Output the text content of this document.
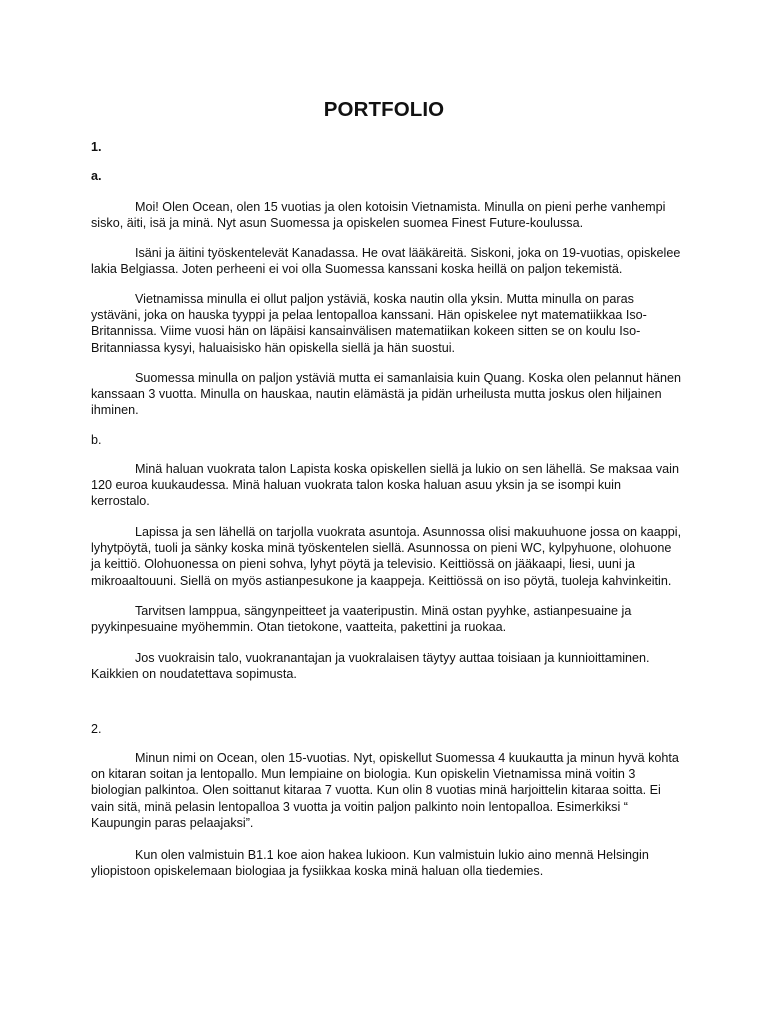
PORTFOLIO

1.

a.

Moi! Olen Ocean, olen 15 vuotias ja olen kotoisin Vietnamista. Minulla on pieni perhe vanhempi sisko, äiti, isä ja minä. Nyt asun Suomessa ja opiskelen suomea Finest Future-koulussa.

Isäni ja äitini työskentelevät Kanadassa. He ovat lääkäreitä. Siskoni, joka on 19-vuotias, opiskelee lakia Belgiassa. Joten perheeni ei voi olla Suomessa kanssani koska heillä on paljon tekemistä.

Vietnamissa minulla ei ollut paljon ystäviä, koska nautin olla yksin. Mutta minulla on paras ystäväni, joka on hauska tyyppi ja pelaa lentopalloa kanssani. Hän opiskelee nyt matematiikkaa Iso-Britannissa. Viime vuosi hän on läpäisi kansainvälisen matematiikan kokeen sitten se on koulu Iso-Britanniassa kysyi, haluaisisko hän opiskella siellä ja hän suostui.

Suomessa minulla on paljon ystäviä mutta ei samanlaisia kuin Quang. Koska olen pelannut hänen kanssaan 3 vuotta. Minulla on hauskaa, nautin elämästä ja pidän urheilusta mutta joskus olen hiljainen ihminen.

b.

Minä haluan vuokrata talon Lapista koska opiskellen siellä ja lukio on sen lähellä. Se maksaa vain 120 euroa kuukaudessa. Minä haluan vuokrata talon koska haluan asuu yksin ja se isompi kuin kerrostalo.

Lapissa ja sen lähellä on tarjolla vuokrata asuntoja. Asunnossa olisi makuuhuone jossa on kaappi, lyhytpöytä, tuoli ja sänky koska minä työskentelen siellä. Asunnossa on pieni WC, kylpyhuone, olohuone ja keittiö. Olohuonessa on pieni sohva, lyhyt pöytä ja televisio. Keittiössä on jääkaapi, liesi, uuni ja mikroaaltouuni. Siellä on myös astianpesukone ja kaappeja. Keittiössä on iso pöytä, tuoleja kahvinkeitin.

Tarvitsen lamppua, sängynpeitteet ja vaateripustin. Minä ostan pyyhke, astianpesuaine ja pyykinpesuaine myöhemmin. Otan tietokone, vaatteita, pakettini ja ruokaa.

Jos vuokraisin talo, vuokranantajan ja vuokralaisen täytyy auttaa toisiaan ja kunnioittaminen. Kaikkien on noudatettava sopimusta.

2.

Minun nimi on Ocean, olen 15-vuotias. Nyt, opiskellut Suomessa 4 kuukautta ja minun hyvä kohta on kitaran soitan ja lentopallo. Mun lempiaine on biologia. Kun opiskelin Vietnamissa minä voitin 3 biologian palkintoa. Olen soittanut kitaraa 7 vuotta. Kun olin 8 vuotias minä harjoittelin kitaraa soitta. Ei vain sitä, minä pelasin lentopalloa 3 vuotta ja voitin paljon palkinto noin lentopalloa. Esimerkiksi “ Kaupungin paras pelaajaksi”.

Kun olen valmistuin B1.1 koe aion hakea lukioon. Kun valmistuin lukio aino mennä Helsingin yliopistoon opiskelemaan biologiaa ja fysiikkaa koska minä haluan olla tiedemies.
